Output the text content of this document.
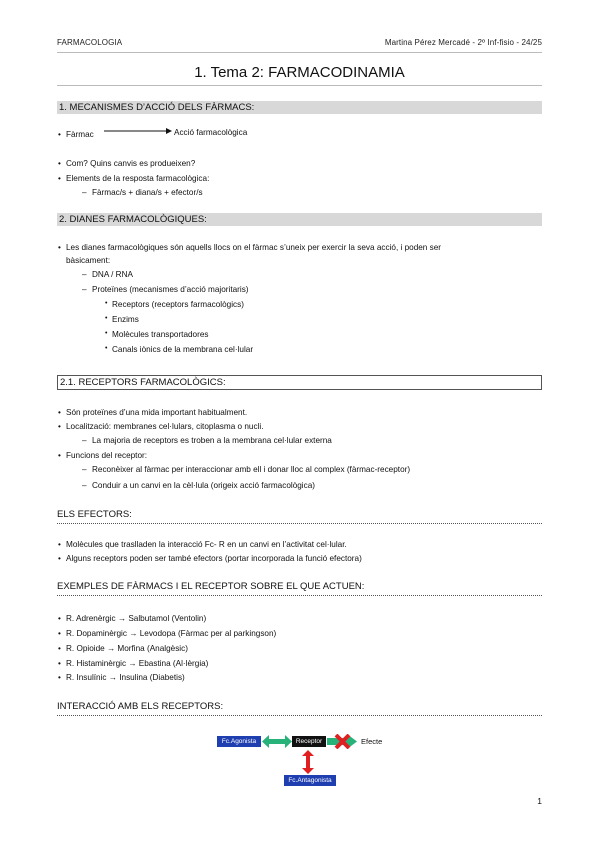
FARMACOLOGIA	Martina Pérez Mercadé - 2º Inf-fisio - 24/25
1. Tema 2: FARMACODINAMIA
1. MECANISMES D’ACCIÓ DELS FÀRMACS:
• Fàrmac	Acció farmacològica
• Com? Quins canvis es produeixen?
• Elements de la resposta farmacològica:
– Fàrmac/s + diana/s + efector/s
2. DIANES FARMACOLÒGIQUES:
• Les dianes farmacològiques són aquells llocs on el fàrmac s’uneix per exercir la seva acció, i poden ser
bàsicament:
– DNA / RNA
– Proteïnes (mecanismes d’acció majoritaris)
• Receptors (receptors farmacològics)
• Enzims
• Molècules transportadores
• Canals iònics de la membrana cel·lular
2.1. RECEPTORS FARMACOLÒGICS:
• Són proteïnes d’una mida important habitualment.
• Localització: membranes cel·lulars, citoplasma o nucli.
– La majoria de receptors es troben a la membrana cel·lular externa
• Funcions del receptor:
– Reconèixer al fàrmac per interaccionar amb ell i donar lloc al complex (fàrmac-receptor)
– Conduir a un canvi en la cèl·lula (origeix acció farmacològica)
ELS EFECTORS:
• Molècules que traslladen la interacció Fc- R en un canvi en l’activitat cel·lular.
• Alguns receptors poden ser també efectors (portar incorporada la funció efectora)
EXEMPLES DE FÀRMACS I EL RECEPTOR SOBRE EL QUE ACTUEN:
• R. Adrenèrgic → Salbutamol (Ventolin)
• R. Dopaminèrgic → Levodopa (Fàrmac per al parkingson)
• R. Opioide → Morfina (Analgèsic)
• R. Histaminèrgic → Ebastina (Al·lèrgia)
• R. Insulínic → Insulina (Diabetis)
INTERACCIÓ AMB ELS RECEPTORS:
Fc.Agonista	Receptor	Efecte
Fc.Antagonista
1
